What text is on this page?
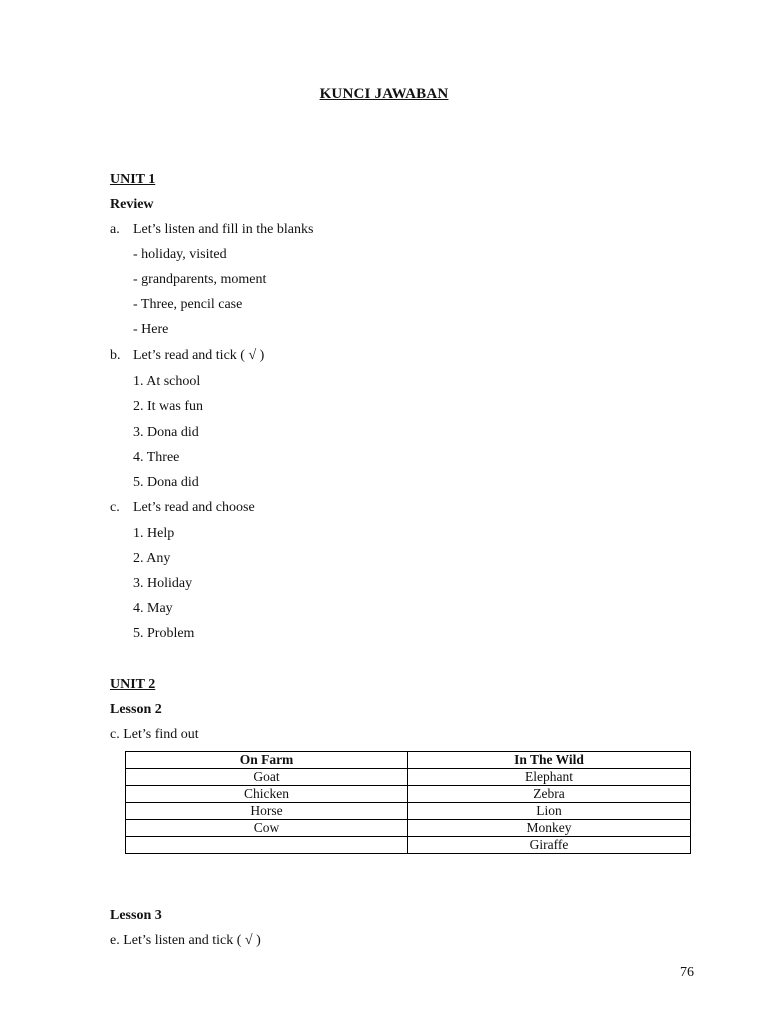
KUNCI JAWABAN
UNIT 1
Review
a. Let’s listen and fill in the blanks
- holiday, visited
- grandparents, moment
- Three, pencil case
- Here
b. Let’s read and tick ( √ )
1. At school
2. It was fun
3. Dona did
4. Three
5. Dona did
c. Let’s read and choose
1. Help
2. Any
3. Holiday
4. May
5. Problem
UNIT 2
Lesson 2
c. Let’s find out
On Farm	In The Wild
Goat	Elephant
Chicken	Zebra
Horse	Lion
Cow	Monkey
	Giraffe
Lesson 3
e. Let’s listen and tick ( √ )
76
